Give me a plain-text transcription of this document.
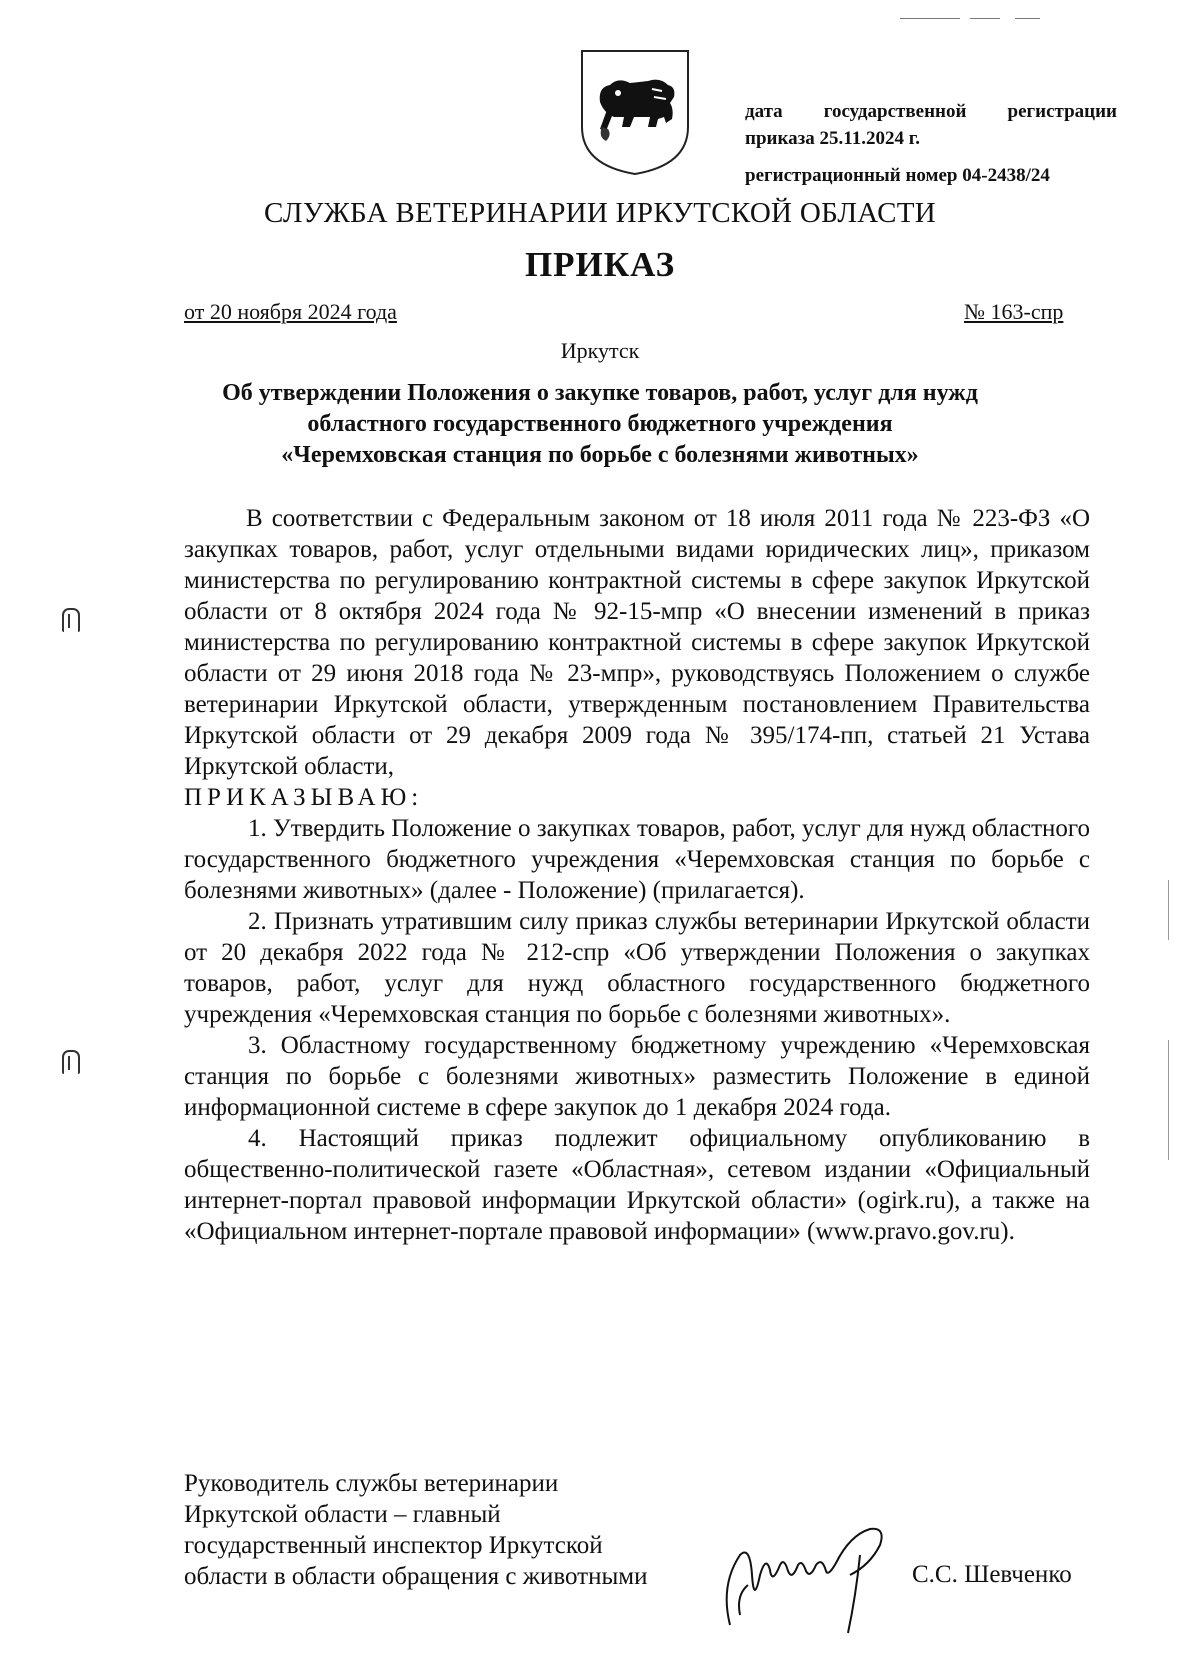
дата государственной регистрации
приказа 25.11.2024 г.
регистрационный номер 04-2438/24
СЛУЖБА ВЕТЕРИНАРИИ ИРКУТСКОЙ ОБЛАСТИ
ПРИКАЗ
от 20 ноября 2024 года	№ 163-спр
Иркутск
Об утверждении Положения о закупке товаров, работ, услуг для нужд
областного государственного бюджетного учреждения
«Черемховская станция по борьбе с болезнями животных»

В соответствии с Федеральным законом от 18 июля 2011 года № 223-ФЗ «О закупках товаров, работ, услуг отдельными видами юридических лиц», приказом министерства по регулированию контрактной системы в сфере закупок Иркутской области от 8 октября 2024 года № 92-15-мпр «О внесении изменений в приказ министерства по регулированию контрактной системы в сфере закупок Иркутской области от 29 июня 2018 года № 23-мпр», руководствуясь Положением о службе ветеринарии Иркутской области, утвержденным постановлением Правительства Иркутской области от 29 декабря 2009 года № 395/174-пп, статьей 21 Устава Иркутской области,

ПРИКАЗЫВАЮ:

1. Утвердить Положение о закупках товаров, работ, услуг для нужд областного государственного бюджетного учреждения «Черемховская станция по борьбе с болезнями животных» (далее - Положение) (прилагается).

2. Признать утратившим силу приказ службы ветеринарии Иркутской области от 20 декабря 2022 года № 212-спр «Об утверждении Положения о закупках товаров, работ, услуг для нужд областного государственного бюджетного учреждения «Черемховская станция по борьбе с болезнями животных».

3. Областному государственному бюджетному учреждению «Черемховская станция по борьбе с болезнями животных» разместить Положение в единой информационной системе в сфере закупок до 1 декабря 2024 года.

4. Настоящий приказ подлежит официальному опубликованию в общественно-политической газете «Областная», сетевом издании «Официальный интернет-портал правовой информации Иркутской области» (ogirk.ru), а также на «Официальном интернет-портале правовой информации» (www.pravo.gov.ru).

Руководитель службы ветеринарии
Иркутской области – главный
государственный инспектор Иркутской
области в области обращения с животными	С.С. Шевченко
